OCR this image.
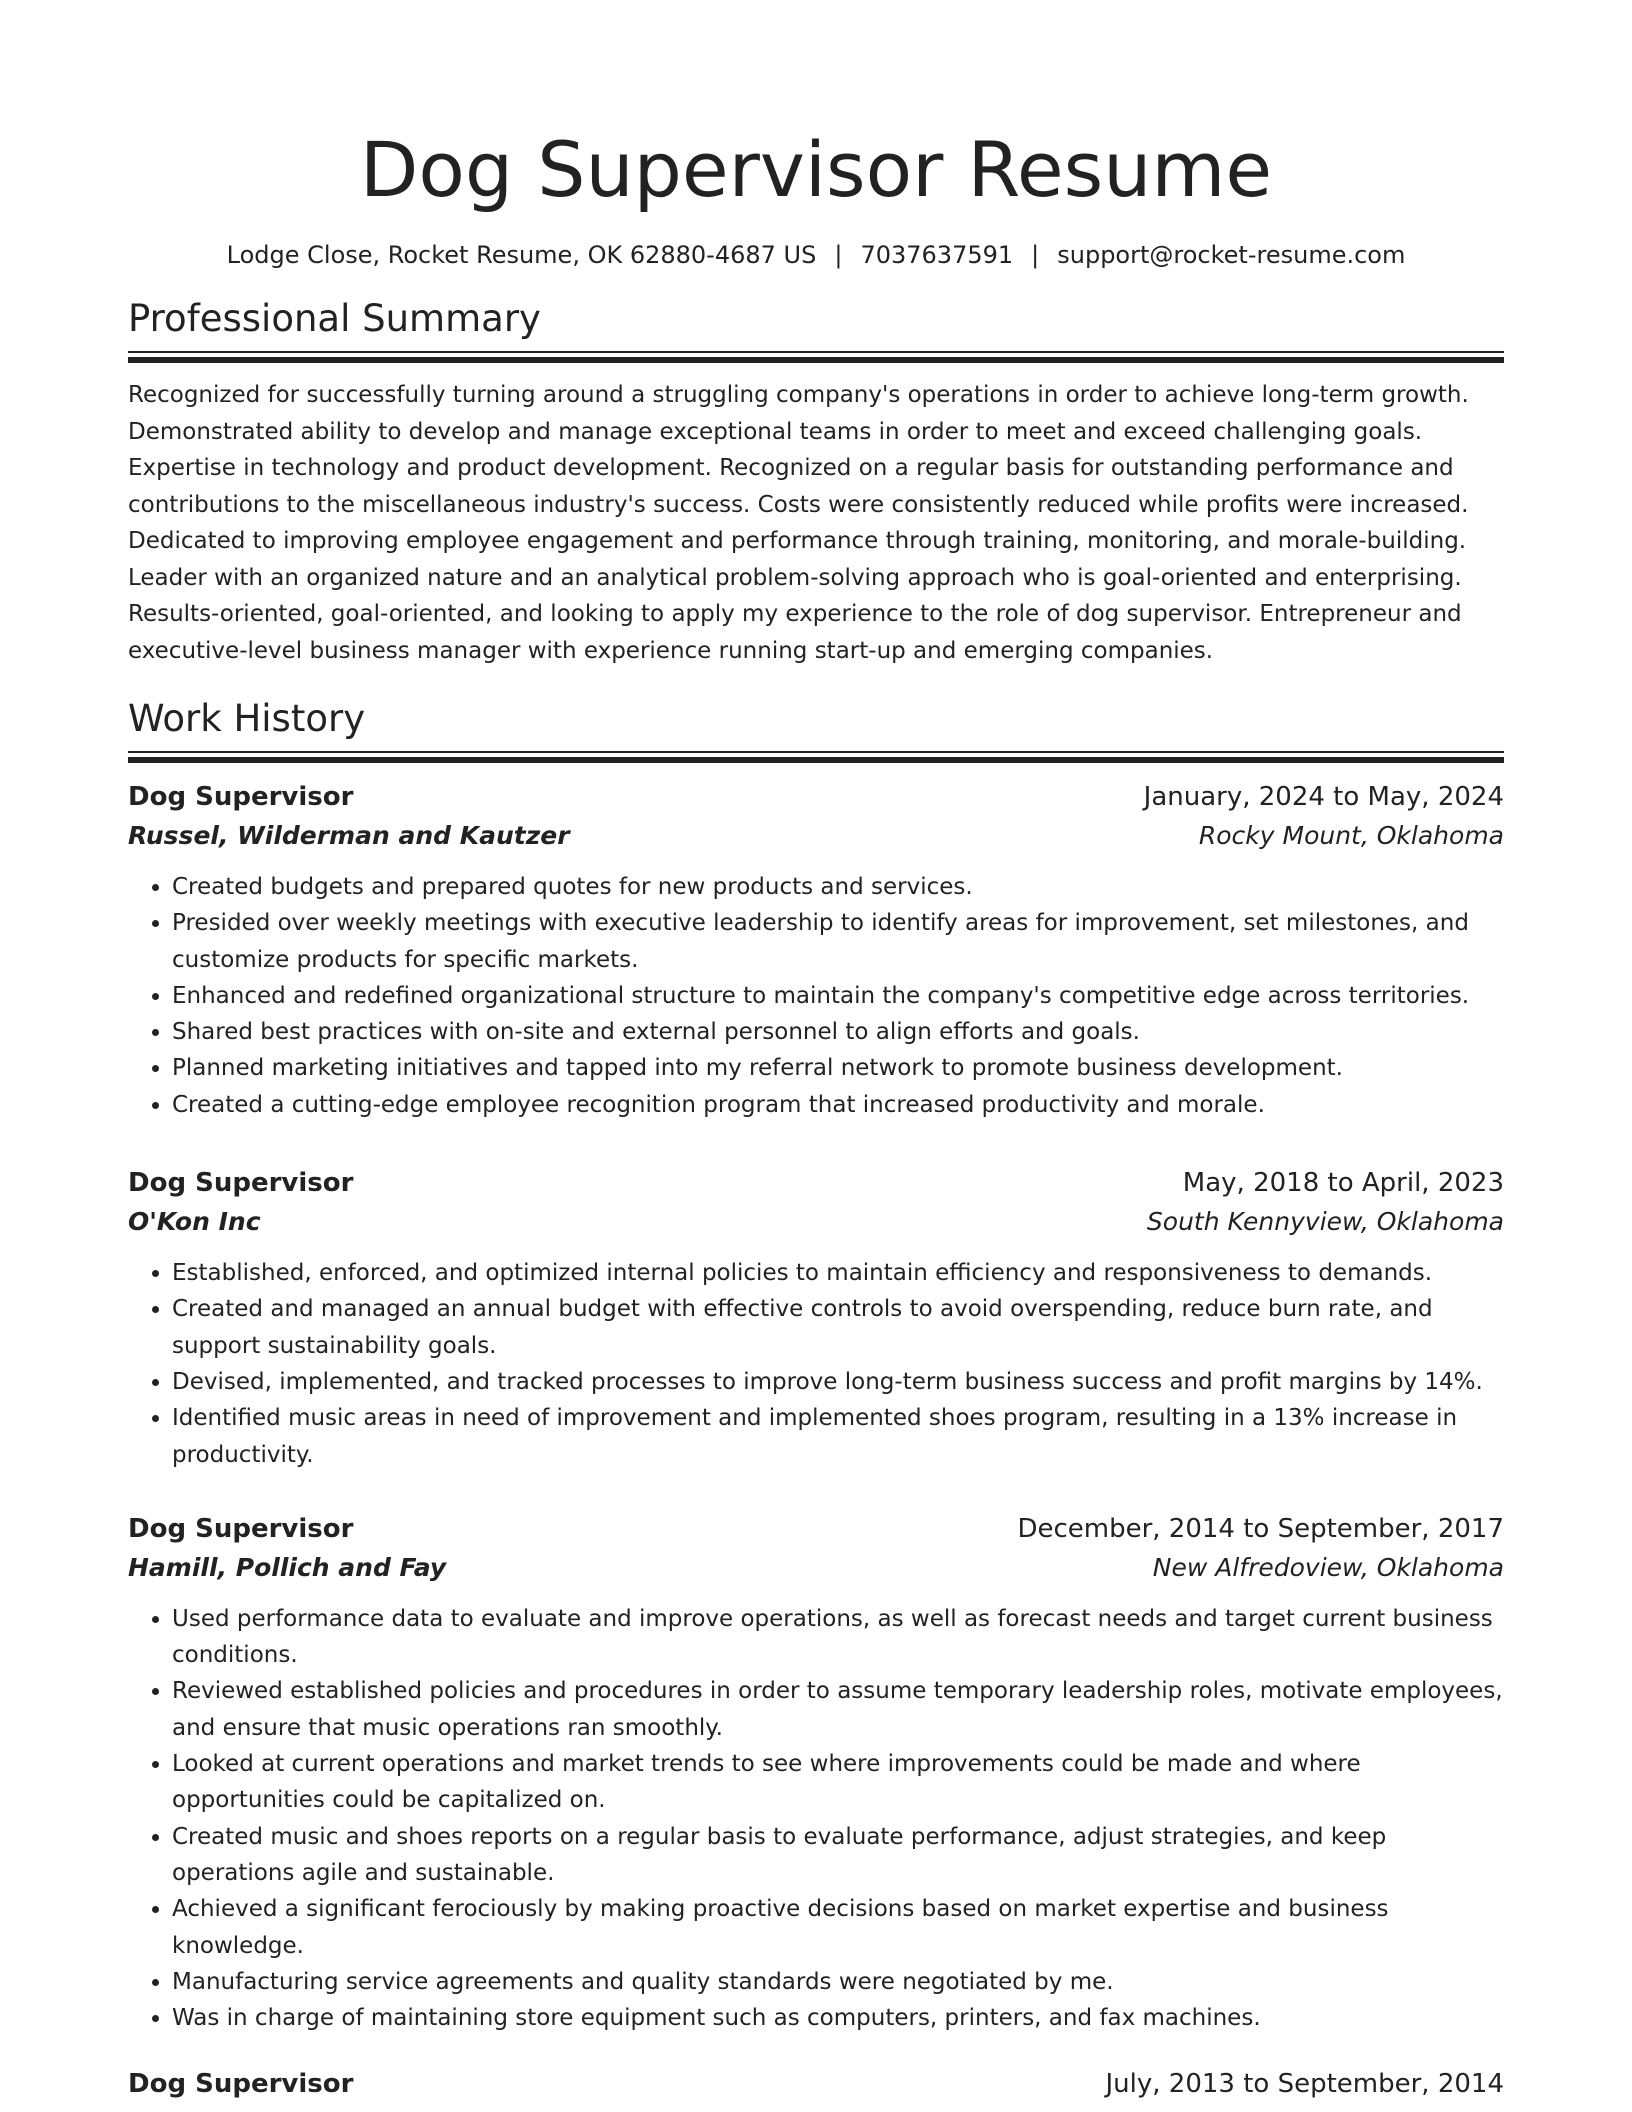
Dog Supervisor Resume
Lodge Close, Rocket Resume, OK 62880-4687 US | 7037637591 | support@rocket-resume.com
Professional Summary
Recognized for successfully turning around a struggling company's operations in order to achieve long-term growth. Demonstrated ability to develop and manage exceptional teams in order to meet and exceed challenging goals. Expertise in technology and product development. Recognized on a regular basis for outstanding performance and contributions to the miscellaneous industry's success. Costs were consistently reduced while profits were increased. Dedicated to improving employee engagement and performance through training, monitoring, and morale-building. Leader with an organized nature and an analytical problem-solving approach who is goal-oriented and enterprising. Results-oriented, goal-oriented, and looking to apply my experience to the role of dog supervisor. Entrepreneur and executive-level business manager with experience running start-up and emerging companies.
Work History
Dog Supervisor	January, 2024 to May, 2024
Russel, Wilderman and Kautzer	Rocky Mount, Oklahoma
• Created budgets and prepared quotes for new products and services.
• Presided over weekly meetings with executive leadership to identify areas for improvement, set milestones, and customize products for specific markets.
• Enhanced and redefined organizational structure to maintain the company's competitive edge across territories.
• Shared best practices with on-site and external personnel to align efforts and goals.
• Planned marketing initiatives and tapped into my referral network to promote business development.
• Created a cutting-edge employee recognition program that increased productivity and morale.
Dog Supervisor	May, 2018 to April, 2023
O'Kon Inc	South Kennyview, Oklahoma
• Established, enforced, and optimized internal policies to maintain efficiency and responsiveness to demands.
• Created and managed an annual budget with effective controls to avoid overspending, reduce burn rate, and support sustainability goals.
• Devised, implemented, and tracked processes to improve long-term business success and profit margins by 14%.
• Identified music areas in need of improvement and implemented shoes program, resulting in a 13% increase in productivity.
Dog Supervisor	December, 2014 to September, 2017
Hamill, Pollich and Fay	New Alfredoview, Oklahoma
• Used performance data to evaluate and improve operations, as well as forecast needs and target current business conditions.
• Reviewed established policies and procedures in order to assume temporary leadership roles, motivate employees, and ensure that music operations ran smoothly.
• Looked at current operations and market trends to see where improvements could be made and where opportunities could be capitalized on.
• Created music and shoes reports on a regular basis to evaluate performance, adjust strategies, and keep operations agile and sustainable.
• Achieved a significant ferociously by making proactive decisions based on market expertise and business knowledge.
• Manufacturing service agreements and quality standards were negotiated by me.
• Was in charge of maintaining store equipment such as computers, printers, and fax machines.
Dog Supervisor	July, 2013 to September, 2014
